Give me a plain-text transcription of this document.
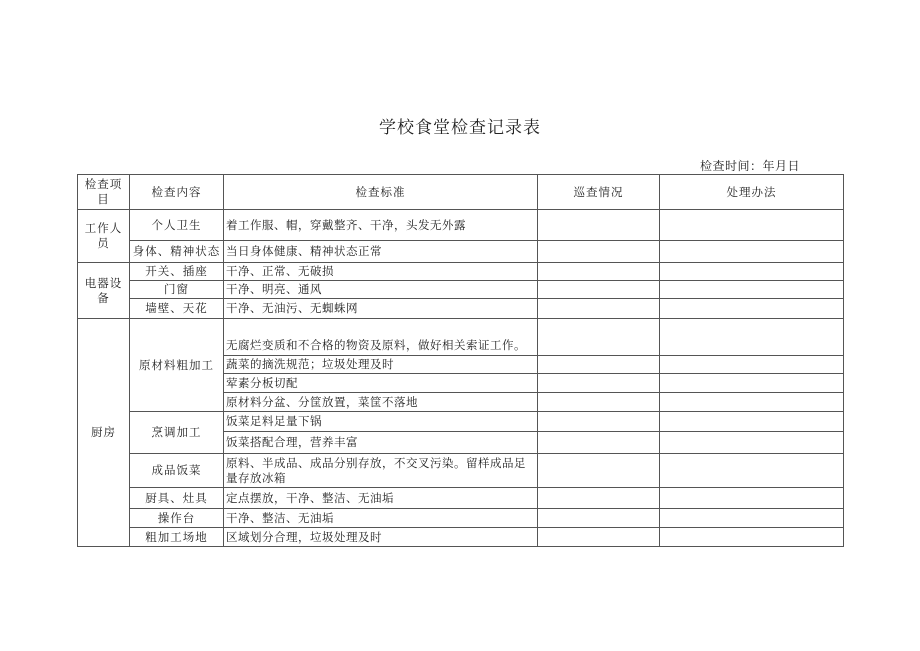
学校食堂检查记录表
检查时间：年月日
检查项目	检查内容	检查标准	巡查情况	处理办法
工作人员	个人卫生	着工作服、帽，穿戴整齐、干净，头发无外露		
	身体、精神状态	当日身体健康、精神状态正常		
电器设备	开关、插座	干净、正常、无破损		
	门窗	干净、明亮、通风		
	墙壁、天花	干净、无油污、无蜘蛛网		
厨房	原材料粗加工	无腐烂变质和不合格的物资及原料，做好相关索证工作。		
		蔬菜的摘洗规范；垃圾处理及时		
		荤素分板切配		
		原材料分盆、分筐放置，菜筐不落地		
	烹调加工	饭菜足料足量下锅		
		饭菜搭配合理，营养丰富		
	成品饭菜	原料、半成品、成品分别存放，不交叉污染。留样成品足量存放冰箱		
	厨具、灶具	定点摆放，干净、整洁、无油垢		
	操作台	干净、整洁、无油垢		
	粗加工场地	区域划分合理，垃圾处理及时		
